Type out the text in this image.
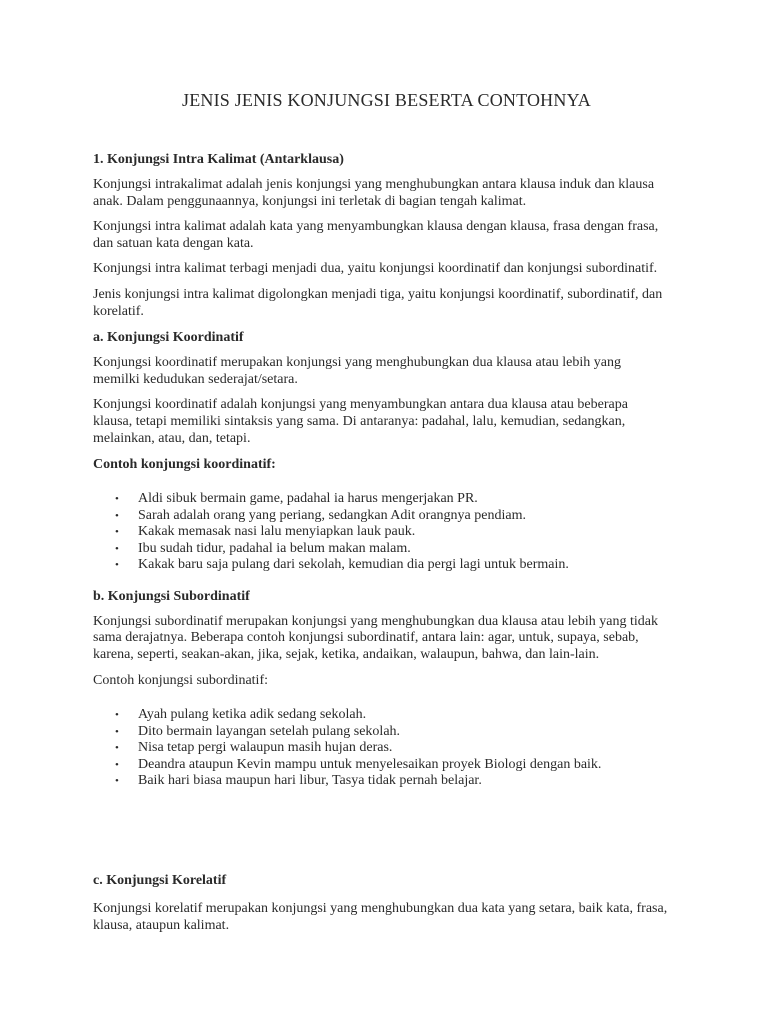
JENIS JENIS KONJUNGSI BESERTA CONTOHNYA
1. Konjungsi Intra Kalimat (Antarklausa)

Konjungsi intrakalimat adalah jenis konjungsi yang menghubungkan antara klausa induk dan klausa anak. Dalam penggunaannya, konjungsi ini terletak di bagian tengah kalimat.

Konjungsi intra kalimat adalah kata yang menyambungkan klausa dengan klausa, frasa dengan frasa, dan satuan kata dengan kata.

Konjungsi intra kalimat terbagi menjadi dua, yaitu konjungsi koordinatif dan konjungsi subordinatif.

Jenis konjungsi intra kalimat digolongkan menjadi tiga, yaitu konjungsi koordinatif, subordinatif, dan korelatif.

a. Konjungsi Koordinatif

Konjungsi koordinatif merupakan konjungsi yang menghubungkan dua klausa atau lebih yang memilki kedudukan sederajat/setara.

Konjungsi koordinatif adalah konjungsi yang menyambungkan antara dua klausa atau beberapa klausa, tetapi memiliki sintaksis yang sama. Di antaranya: padahal, lalu, kemudian, sedangkan, melainkan, atau, dan, tetapi.

Contoh konjungsi koordinatif:
• Aldi sibuk bermain game, padahal ia harus mengerjakan PR.
• Sarah adalah orang yang periang, sedangkan Adit orangnya pendiam.
• Kakak memasak nasi lalu menyiapkan lauk pauk.
• Ibu sudah tidur, padahal ia belum makan malam.
• Kakak baru saja pulang dari sekolah, kemudian dia pergi lagi untuk bermain.
b. Konjungsi Subordinatif

Konjungsi subordinatif merupakan konjungsi yang menghubungkan dua klausa atau lebih yang tidak sama derajatnya. Beberapa contoh konjungsi subordinatif, antara lain: agar, untuk, supaya, sebab, karena, seperti, seakan-akan, jika, sejak, ketika, andaikan, walaupun, bahwa, dan lain-lain.

Contoh konjungsi subordinatif:
• Ayah pulang ketika adik sedang sekolah.
• Dito bermain layangan setelah pulang sekolah.
• Nisa tetap pergi walaupun masih hujan deras.
• Deandra ataupun Kevin mampu untuk menyelesaikan proyek Biologi dengan baik.
• Baik hari biasa maupun hari libur, Tasya tidak pernah belajar.
c. Konjungsi Korelatif

Konjungsi korelatif merupakan konjungsi yang menghubungkan dua kata yang setara, baik kata, frasa, klausa, ataupun kalimat.
